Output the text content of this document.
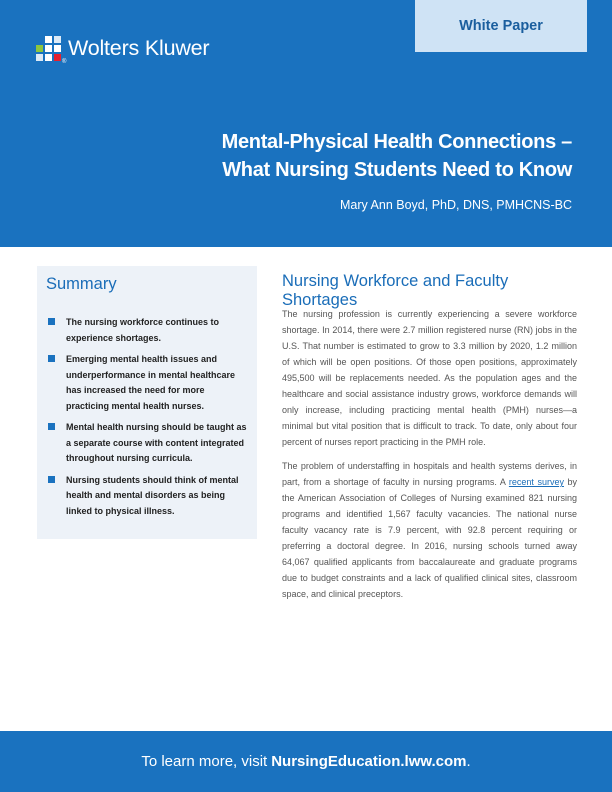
®
Wolters Kluwer
White Paper
Mental-Physical Health Connections –
What Nursing Students Need to Know
Mary Ann Boyd, PhD, DNS, PMHCNS-BC
Summary
The nursing workforce continues to experience shortages.
Emerging mental health issues and underperformance in mental healthcare has increased the need for more practicing mental health nurses.
Mental health nursing should be taught as a separate course with content integrated throughout nursing curricula.
Nursing students should think of mental health and mental disorders as being linked to physical illness.
Nursing Workforce and Faculty Shortages

The nursing profession is currently experiencing a severe workforce shortage. In 2014, there were 2.7 million registered nurse (RN) jobs in the U.S. That number is estimated to grow to 3.3 million by 2020, 1.2 million of which will be open positions. Of those open positions, approximately 495,500 will be replacements needed. As the population ages and the healthcare and social assistance industry grows, workforce demands will only increase, including practicing mental health (PMH) nurses—a minimal but vital position that is difficult to track. To date, only about four percent of nurses report practicing in the PMH role.

The problem of understaffing in hospitals and health systems derives, in part, from a shortage of faculty in nursing programs. A recent survey by the American Association of Colleges of Nursing examined 821 nursing programs and identified 1,567 faculty vacancies. The national nurse faculty vacancy rate is 7.9 percent, with 92.8 percent requiring or preferring a doctoral degree. In 2016, nursing schools turned away 64,067 qualified applicants from baccalaureate and graduate programs due to budget constraints and a lack of qualified clinical sites, classroom space, and clinical preceptors.

To learn more, visit NursingEducation.lww.com .
